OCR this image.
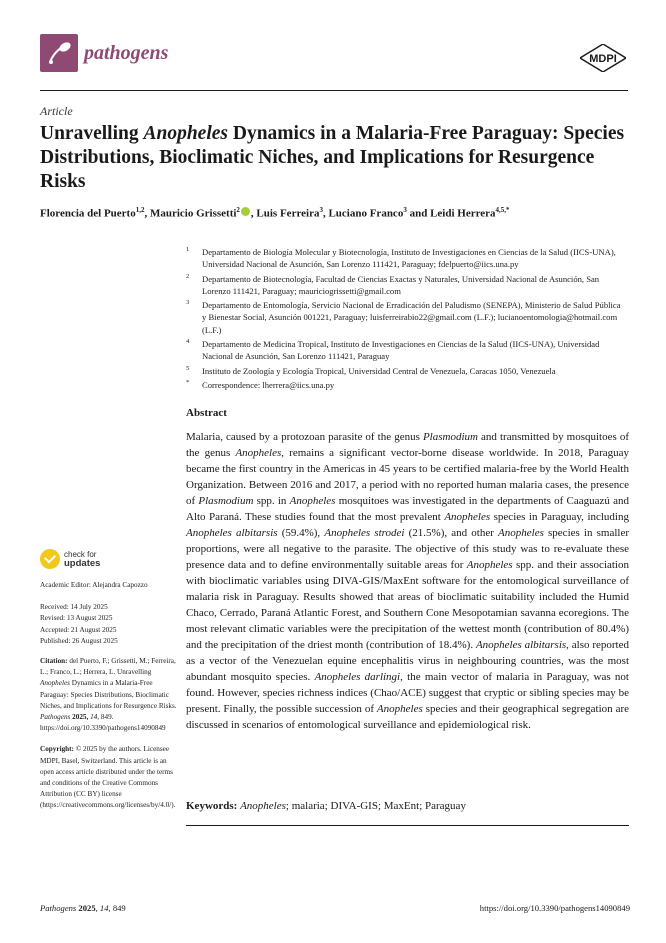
pathogens	MDPI
Article
Unravelling Anopheles Dynamics in a Malaria-Free Paraguay: Species Distributions, Bioclimatic Niches, and Implications for Resurgence Risks
Florencia del Puerto$^{1,2}$, Mauricio Grissetti$^2$ , Luis Ferreira$^3$, Luciano Franco$^3$ and Leidi Herrera$^{4,5,*}$
1 Departamento de Biología Molecular y Biotecnología, Instituto de Investigaciones en Ciencias de la Salud (IICS-UNA), Universidad Nacional de Asunción, San Lorenzo 111421, Paraguay; fdelpuerto@iics.una.py
2 Departamento de Biotecnología, Facultad de Ciencias Exactas y Naturales, Universidad Nacional de Asunción, San Lorenzo 111421, Paraguay; mauriciogrissetti@gmail.com
3 Departamento de Entomología, Servicio Nacional de Erradicación del Paludismo (SENEPA), Ministerio de Salud Pública y Bienestar Social, Asunción 001221, Paraguay; luisferreirabio22@gmail.com (L.F.); lucianoentomologia@hotmail.com (L.F.)
4 Departamento de Medicina Tropical, Instituto de Investigaciones en Ciencias de la Salud (IICS-UNA), Universidad Nacional de Asunción, San Lorenzo 111421, Paraguay
5 Instituto de Zoología y Ecología Tropical, Universidad Central de Venezuela, Caracas 1050, Venezuela
* Correspondence: lherrera@iics.una.py
Abstract
Malaria, caused by a protozoan parasite of the genus Plasmodium and transmitted by mosquitoes of the genus Anopheles, remains a significant vector-borne disease worldwide. In 2018, Paraguay became the first country in the Americas in 45 years to be certified malaria-free by the World Health Organization. Between 2016 and 2017, a period with no reported human malaria cases, the presence of Plasmodium spp. in Anopheles mosquitoes was investigated in the departments of Caaguazú and Alto Paraná. These studies found that the most prevalent Anopheles species in Paraguay, including Anopheles albitarsis (59.4%), Anopheles strodei (21.5%), and other Anopheles species in smaller proportions, were all negative to the parasite. The objective of this study was to re-evaluate these presence data and to define environmentally suitable areas for Anopheles spp. and their association with bioclimatic variables using DIVA-GIS/MaxEnt software for the entomological surveillance of malaria risk in Paraguay. Results showed that areas of bioclimatic suitability included the Humid Chaco, Cerrado, Paraná Atlantic Forest, and Southern Cone Mesopotamian savanna ecoregions. The most relevant climatic variables were the precipitation of the wettest month (contribution of 80.4%) and the precipitation of the driest month (contribution of 18.4%). Anopheles albitarsis, also reported as a vector of the Venezuelan equine encephalitis virus in neighbouring countries, was the most abundant mosquito species. Anopheles darlingi, the main vector of malaria in Paraguay, was not found. However, species richness indices (Chao/ACE) suggest that cryptic or sibling species may be present. Finally, the possible succession of Anopheles species and their geographical segregation are discussed in scenarios of entomological surveillance and epidemiological risk.
Keywords: Anopheles; malaria; DIVA-GIS; MaxEnt; Paraguay
check for
updates

Academic Editor: Alejandra Capozzo

Received: 14 July 2025
Revised: 13 August 2025
Accepted: 21 August 2025
Published: 26 August 2025

Citation: del Puerto, F.; Grissetti, M.; Ferreira, L.; Franco, L.; Herrera, L. Unravelling Anopheles Dynamics in a Malaria-Free Paraguay: Species Distributions, Bioclimatic Niches, and Implications for Resurgence Risks. Pathogens 2025, 14, 849. https://doi.org/10.3390/pathogens14090849

Copyright: © 2025 by the authors. Licensee MDPI, Basel, Switzerland. This article is an open access article distributed under the terms and conditions of the Creative Commons Attribution (CC BY) license (https://creativecommons.org/licenses/by/4.0/).

Pathogens 2025, 14, 849	https://doi.org/10.3390/pathogens14090849
